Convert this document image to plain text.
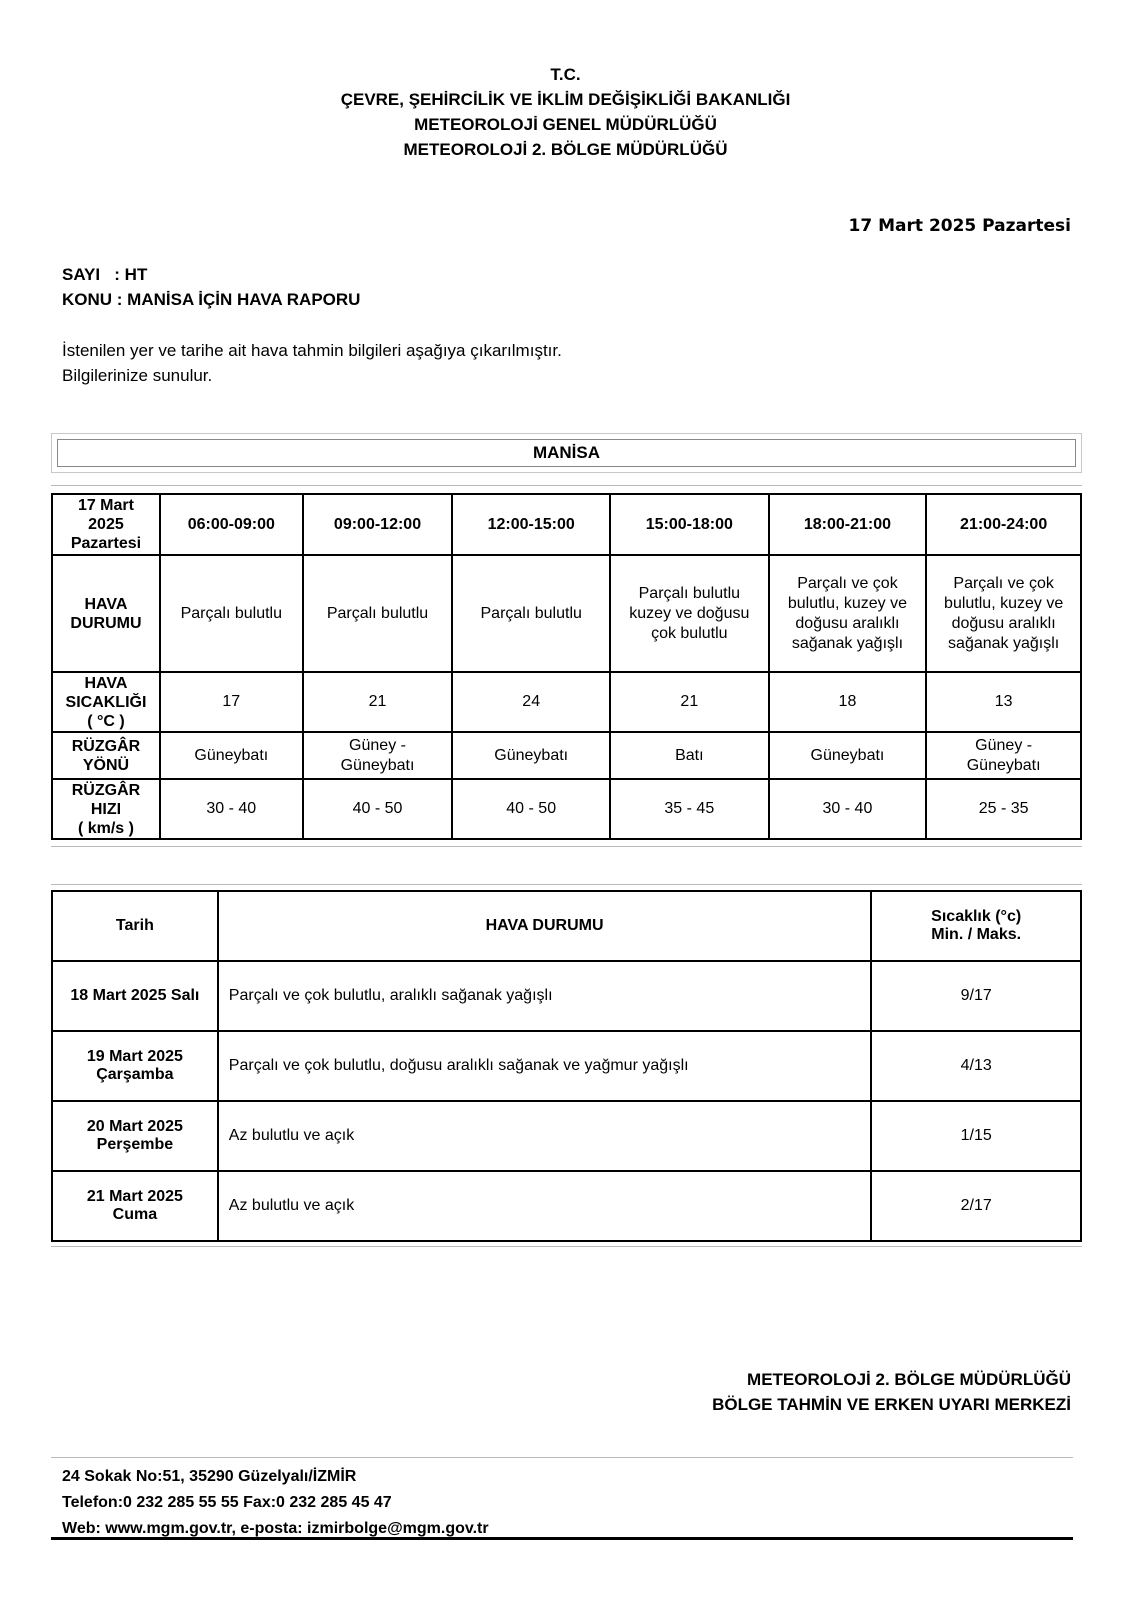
T.C.
ÇEVRE, ŞEHİRCİLİK VE İKLİM DEĞİŞİKLİĞİ BAKANLIĞI
METEOROLOJİ GENEL MÜDÜRLÜĞÜ
METEOROLOJİ 2. BÖLGE MÜDÜRLÜĞÜ
17 Mart 2025 Pazartesi
SAYI   : HT
KONU : MANİSA İÇİN HAVA RAPORU
İstenilen yer ve tarihe ait hava tahmin bilgileri aşağıya çıkarılmıştır.
Bilgilerinize sunulur.
MANİSA
17 Mart
2025
Pazartesi	06:00-09:00	09:00-12:00	12:00-15:00	15:00-18:00	18:00-21:00	21:00-24:00

HAVA
DURUMU	Parçalı bulutlu	Parçalı bulutlu	Parçalı bulutlu	Parçalı bulutlu
kuzey ve doğusu
çok bulutlu	Parçalı ve çok
bulutlu, kuzey ve
doğusu aralıklı
sağanak yağışlı	Parçalı ve çok
bulutlu, kuzey ve
doğusu aralıklı
sağanak yağışlı

HAVA
SICAKLIĞI
( °C )	17	21	24	21	18	13

RÜZGÂR
YÖNÜ	Güneybatı	Güney -
Güneybatı	Güneybatı	Batı	Güneybatı	Güney -
Güneybatı

RÜZGÂR
HIZI
( km/s )	30 - 40	40 - 50	40 - 50	35 - 45	30 - 40	25 - 35
Tarih	HAVA DURUMU	Sıcaklık (°c)
Min. / Maks.

18 Mart 2025 Salı	Parçalı ve çok bulutlu, aralıklı sağanak yağışlı	9/17

19 Mart 2025
Çarşamba	Parçalı ve çok bulutlu, doğusu aralıklı sağanak ve yağmur yağışlı	4/13

20 Mart 2025
Perşembe	Az bulutlu ve açık	1/15

21 Mart 2025
Cuma	Az bulutlu ve açık	2/17
METEOROLOJİ 2. BÖLGE MÜDÜRLÜĞÜ
BÖLGE TAHMİN VE ERKEN UYARI MERKEZİ
24 Sokak No:51, 35290 Güzelyalı/İZMİR
Telefon:0 232 285 55 55 Fax:0 232 285 45 47
Web: www.mgm.gov.tr, e-posta: izmirbolge@mgm.gov.tr
